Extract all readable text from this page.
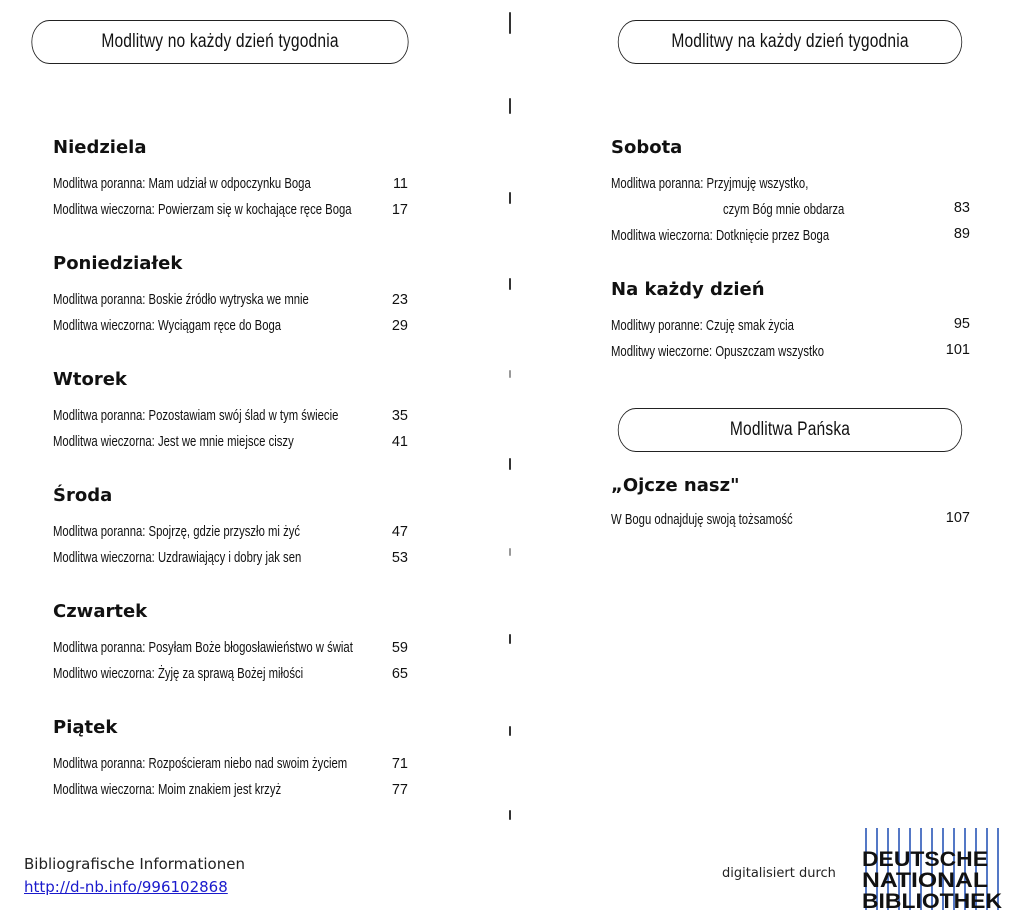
Modlitwy no każdy dzień tygodnia
Niedziela
Modlitwa poranna: Mam udział w odpoczynku Boga	11
Modlitwa wieczorna: Powierzam się w kochające ręce Boga	17
Poniedziałek
Modlitwa poranna: Boskie źródło wytryska we mnie	23
Modlitwa wieczorna: Wyciągam ręce do Boga	29
Wtorek
Modlitwa poranna: Pozostawiam swój ślad w tym świecie	35
Modlitwa wieczorna: Jest we mnie miejsce ciszy	41
Środa
Modlitwa poranna: Spojrzę, gdzie przyszło mi żyć	47
Modlitwa wieczorna: Uzdrawiający i dobry jak sen	53
Czwartek
Modlitwa poranna: Posyłam Boże błogosławieństwo w świat	59
Modlitwo wieczorna: Żyję za sprawą Bożej miłości	65
Piątek
Modlitwa poranna: Rozpościeram niebo nad swoim życiem	71
Modlitwa wieczorna: Moim znakiem jest krzyż	77
Modlitwy na każdy dzień tygodnia
Sobota
Modlitwa poranna: Przyjmuję wszystko,
czym Bóg mnie obdarza	83
Modlitwa wieczorna: Dotknięcie przez Boga	89
Na każdy dzień
Modlitwy poranne: Czuję smak życia	95
Modlitwy wieczorne: Opuszczam wszystko	101
Modlitwa Pańska
„Ojcze nasz"
W Bogu odnajduję swoją tożsamość	107
Bibliografische Informationen
http://d-nb.info/996102868
digitalisiert durch
DEUTSCHE
NATIONAL
BIBLIOTHEK
